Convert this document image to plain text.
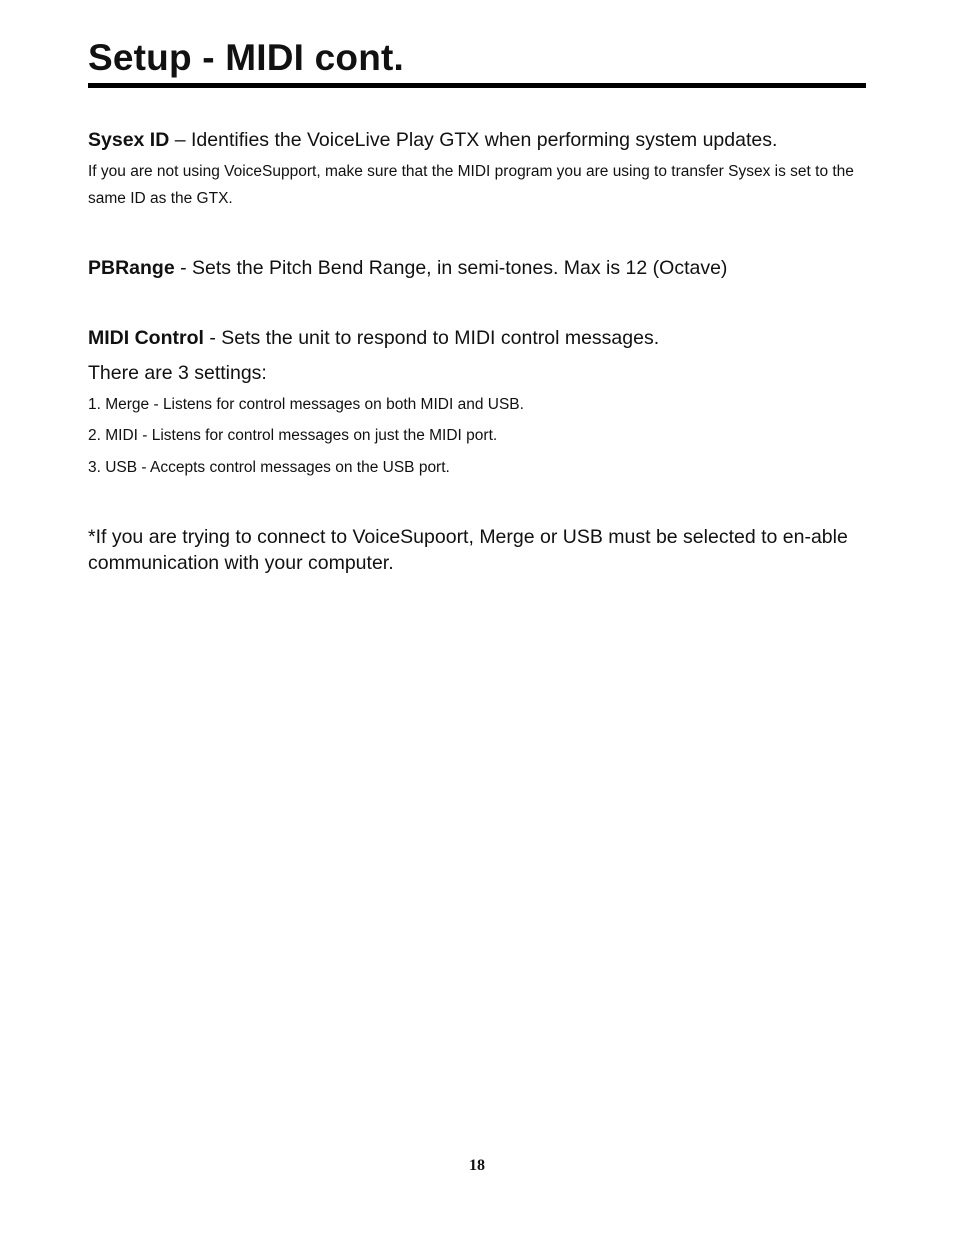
Setup - MIDI cont.

Sysex ID – Identifies the VoiceLive Play GTX when performing system updates.

If you are not using VoiceSupport, make sure that the MIDI program you are using to transfer Sysex is set to the same ID as the GTX.

PBRange - Sets the Pitch Bend Range, in semi-tones. Max is 12 (Octave)

MIDI Control - Sets the unit to respond to MIDI control messages.

There are 3 settings:

1. Merge - Listens for control messages on both MIDI and USB.

2. MIDI - Listens for control messages on just the MIDI port.

3. USB - Accepts control messages on the USB port.

*If you are trying to connect to VoiceSupoort, Merge or USB must be selected to en-able communication with your computer.

18
